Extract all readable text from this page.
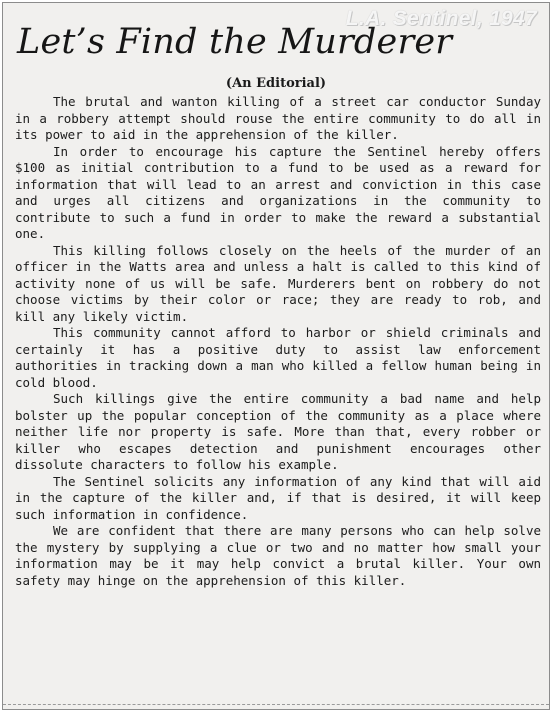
L.A. Sentinel, 1947
Let’s Find the Murderer
(An Editorial)

The brutal and wanton killing of a street car conductor Sunday in a robbery attempt should rouse the entire community to do all in its power to aid in the apprehension of the killer.

In order to encourage his capture the Sentinel hereby offers $100 as initial contribution to a fund to be used as a reward for information that will lead to an arrest and conviction in this case and urges all citizens and organizations in the community to contribute to such a fund in order to make the reward a substantial one.

This killing follows closely on the heels of the murder of an officer in the Watts area and unless a halt is called to this kind of activity none of us will be safe. Murderers bent on robbery do not choose victims by their color or race; they are ready to rob, and kill any likely victim.

This community cannot afford to harbor or shield criminals and certainly it has a positive duty to assist law enforcement authorities in tracking down a man who killed a fellow human being in cold blood.

Such killings give the entire community a bad name and help bolster up the popular conception of the community as a place where neither life nor property is safe. More than that, every robber or killer who escapes detection and punishment encourages other dissolute characters to follow his example.

The Sentinel solicits any information of any kind that will aid in the capture of the killer and, if that is desired, it will keep such information in confidence.

We are confident that there are many persons who can help solve the mystery by supplying a clue or two and no matter how small your information may be it may help convict a brutal killer. Your own safety may hinge on the apprehension of this killer.
